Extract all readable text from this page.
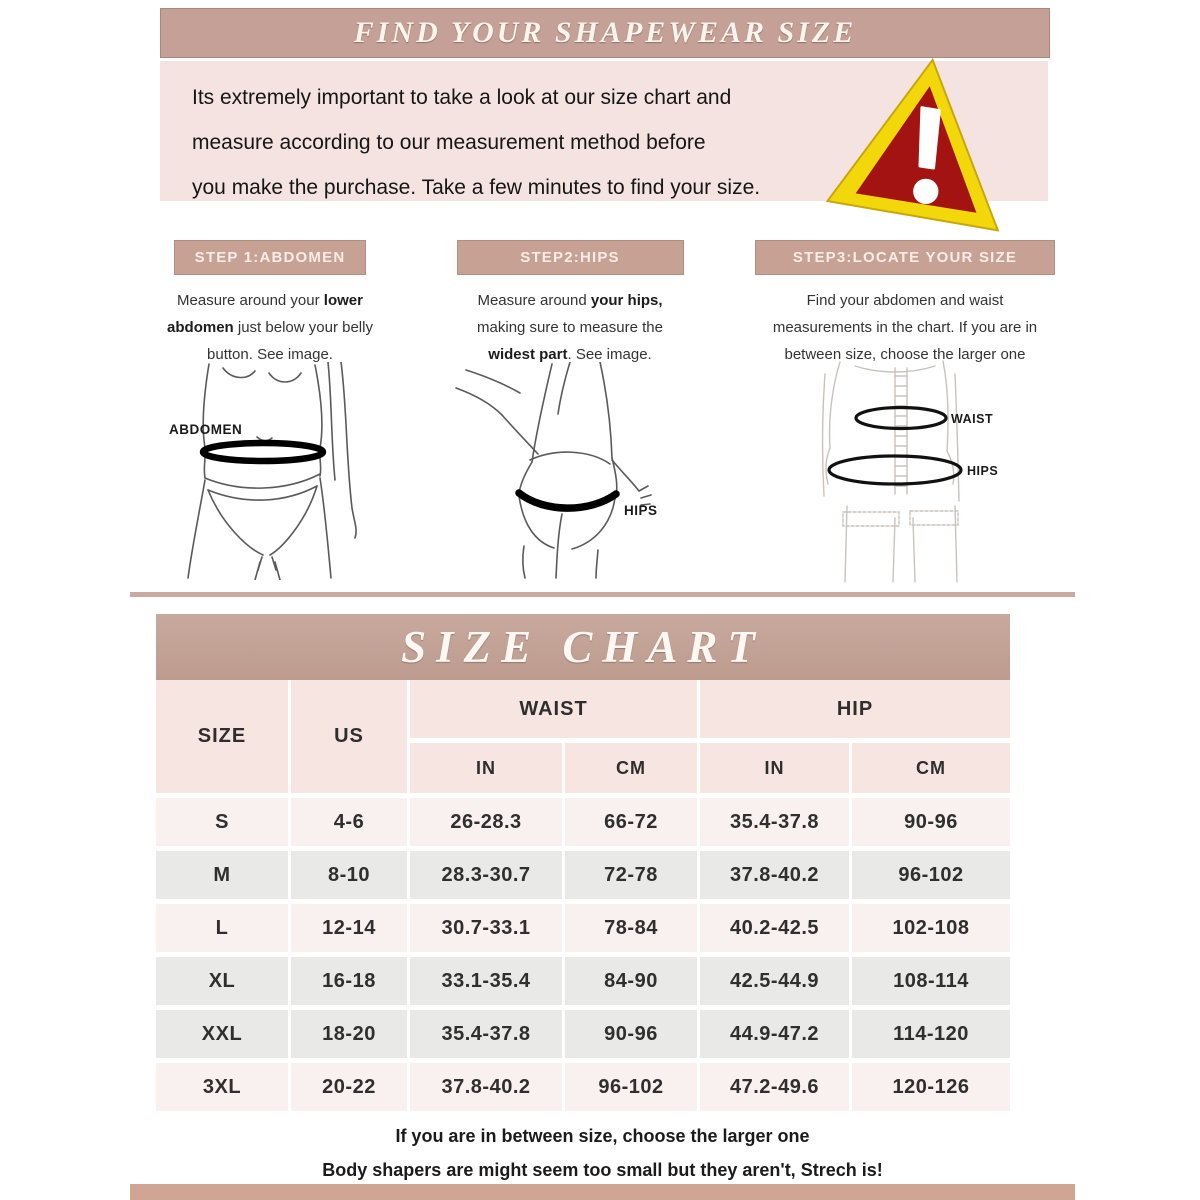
FIND YOUR SHAPEWEAR SIZE
Its extremely important to take a look at our size chart and
measure according to our measurement method before
you make the purchase. Take a few minutes to find your size.
STEP 1:ABDOMEN

Measure around your lower abdomen just below your belly button. See image.

STEP2:HIPS

Measure around your hips, making sure to measure the widest part. See image.

STEP3:LOCATE YOUR SIZE

Find your abdomen and waist measurements in the chart. If you are in between size, choose the larger one

ABDOMEN
HIPS
WAIST
HIPS
SIZE CHART
SIZE	US
WAIST	HIP
IN	CM	IN	CM
S	4-6	26-28.3	66-72	35.4-37.8	90-96
M	8-10	28.3-30.7	72-78	37.8-40.2	96-102
L	12-14	30.7-33.1	78-84	40.2-42.5	102-108
XL	16-18	33.1-35.4	84-90	42.5-44.9	108-114
XXL	18-20	35.4-37.8	90-96	44.9-47.2	114-120
3XL	20-22	37.8-40.2	96-102	47.2-49.6	120-126
If you are in between size, choose the larger one
Body shapers are might seem too small but they aren't, Strech is!
